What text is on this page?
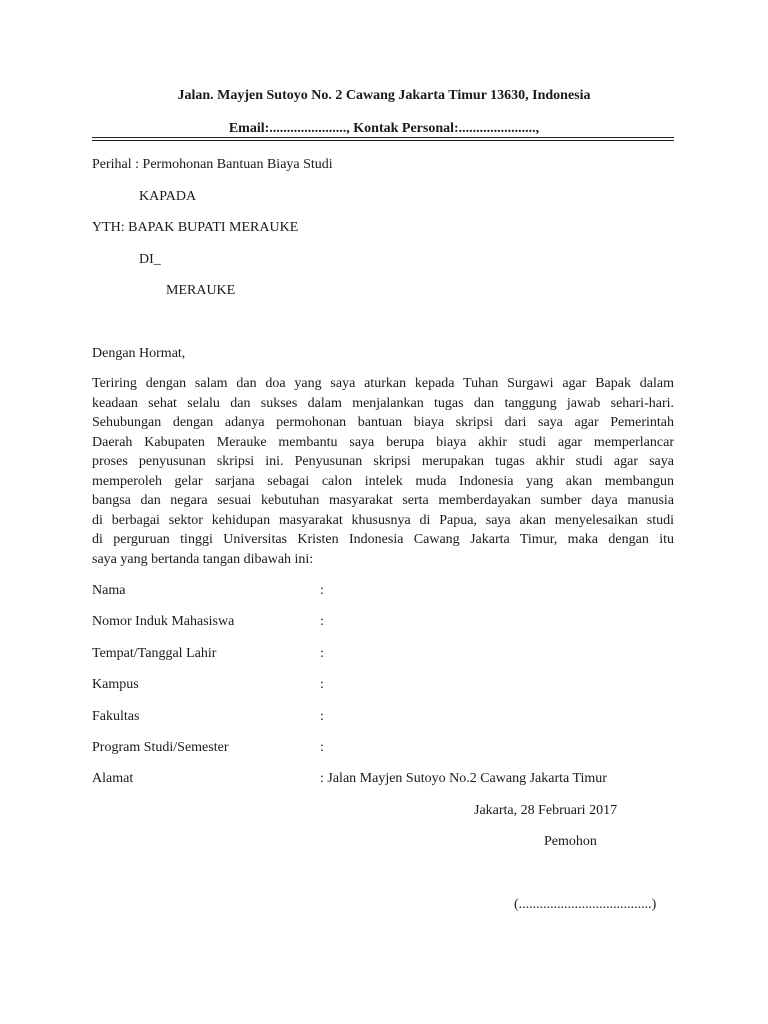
Jalan. Mayjen Sutoyo No. 2 Cawang Jakarta Timur 13630, Indonesia
Email:......................, Kontak Personal:......................,
Perihal : Permohonan Bantuan Biaya Studi
KAPADA
YTH: BAPAK BUPATI MERAUKE
DI_
MERAUKE
Dengan Hormat,
Teriring dengan salam dan doa yang saya aturkan kepada Tuhan Surgawi agar Bapak dalam
keadaan sehat selalu dan sukses dalam menjalankan tugas dan tanggung jawab sehari-hari.
Sehubungan dengan adanya permohonan bantuan biaya skripsi dari saya agar Pemerintah
Daerah Kabupaten Merauke membantu saya berupa biaya akhir studi agar memperlancar
proses penyusunan skripsi ini. Penyusunan skripsi merupakan tugas akhir studi agar saya
memperoleh gelar sarjana sebagai calon intelek muda Indonesia yang akan membangun
bangsa dan negara sesuai kebutuhan masyarakat serta memberdayakan sumber daya manusia
di berbagai sektor kehidupan masyarakat khususnya di Papua, saya akan menyelesaikan studi
di perguruan tinggi Universitas Kristen Indonesia Cawang Jakarta Timur, maka dengan itu
saya yang bertanda tangan dibawah ini:
Nama	:
Nomor Induk Mahasiswa	:
Tempat/Tanggal Lahir	:
Kampus	:
Fakultas	:
Program Studi/Semester	:
Alamat	: Jalan Mayjen Sutoyo No.2 Cawang Jakarta Timur
Jakarta, 28 Februari 2017
Pemohon
(......................................)
